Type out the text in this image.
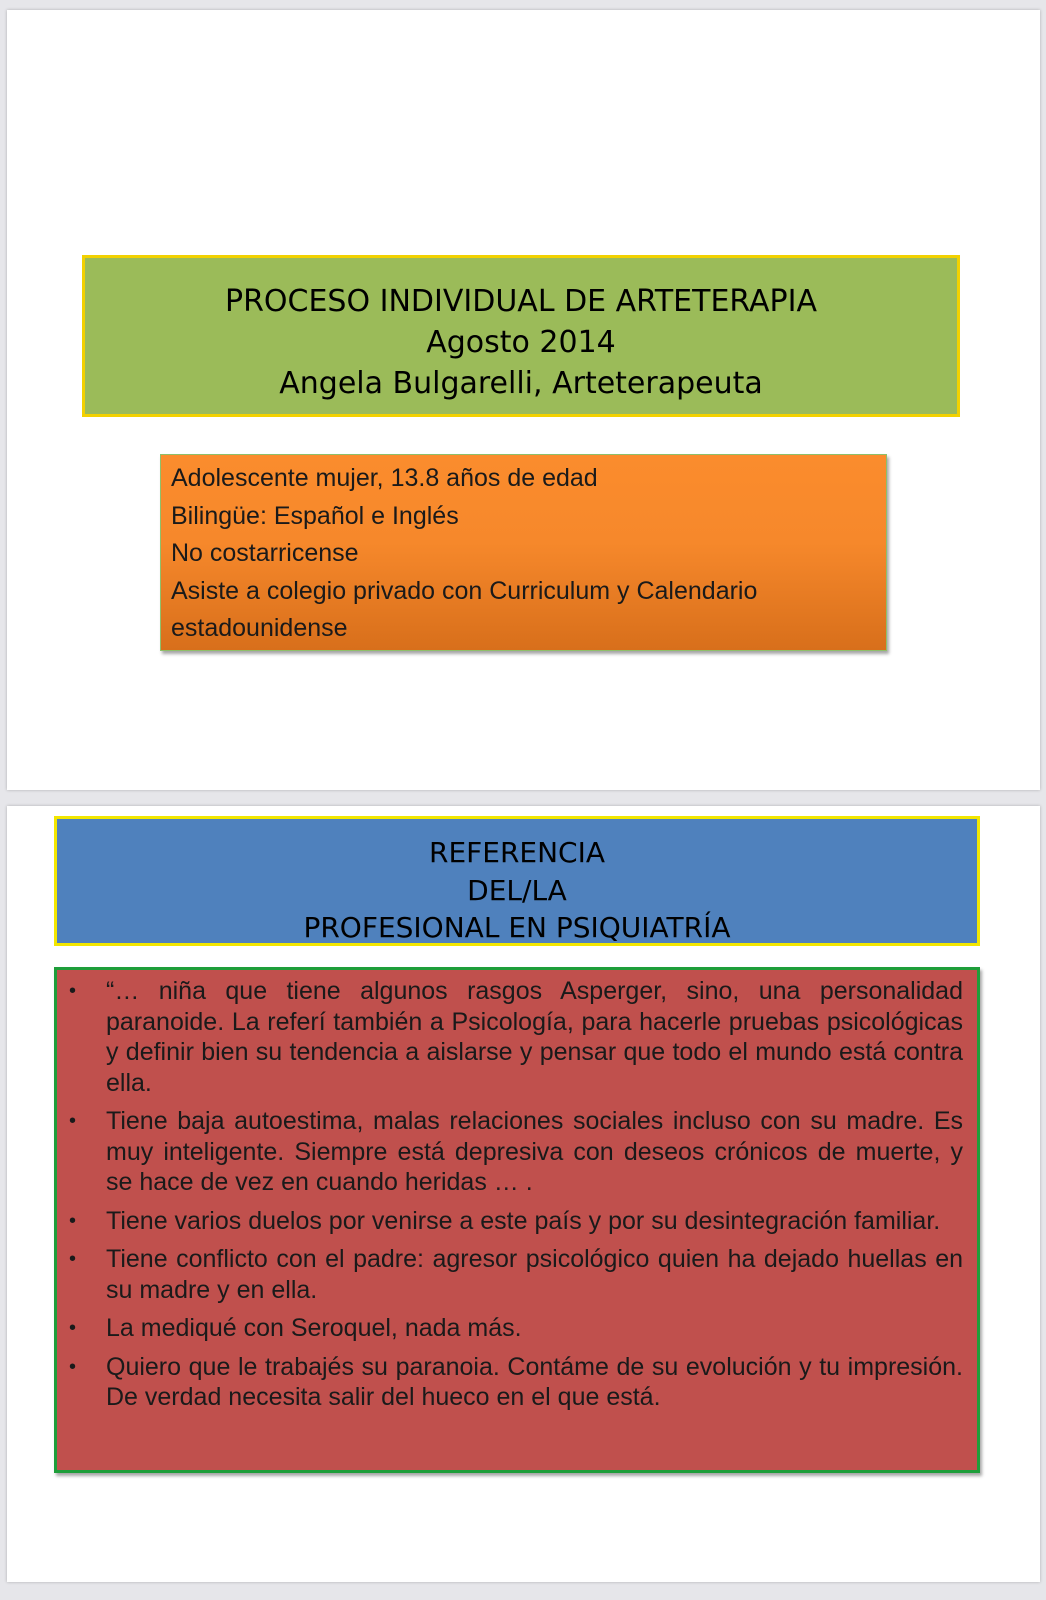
PROCESO INDIVIDUAL DE ARTETERAPIA
Agosto 2014
Angela Bulgarelli, Arteterapeuta
Adolescente mujer, 13.8 años de edad
Bilingüe: Español e Inglés
No costarricense
Asiste a colegio privado con Curriculum y Calendario
estadounidense
REFERENCIA
DEL/LA
PROFESIONAL EN PSIQUIATRÍA
• “… niña que tiene algunos rasgos Asperger, sino, una personalidad paranoide. La referí también a Psicología, para hacerle pruebas psicológicas y definir bien su tendencia a aislarse y pensar que todo el mundo está contra ella.
• Tiene baja autoestima, malas relaciones sociales incluso con su madre. Es muy inteligente. Siempre está depresiva con deseos crónicos de muerte, y se hace de vez en cuando heridas … .
• Tiene varios duelos por venirse a este país y por su desintegración familiar.
• Tiene conflicto con el padre: agresor psicológico quien ha dejado huellas en su madre y en ella.
• La mediqué con Seroquel, nada más.
• Quiero que le trabajés su paranoia. Contáme de su evolución y tu impresión. De verdad necesita salir del hueco en el que está.
